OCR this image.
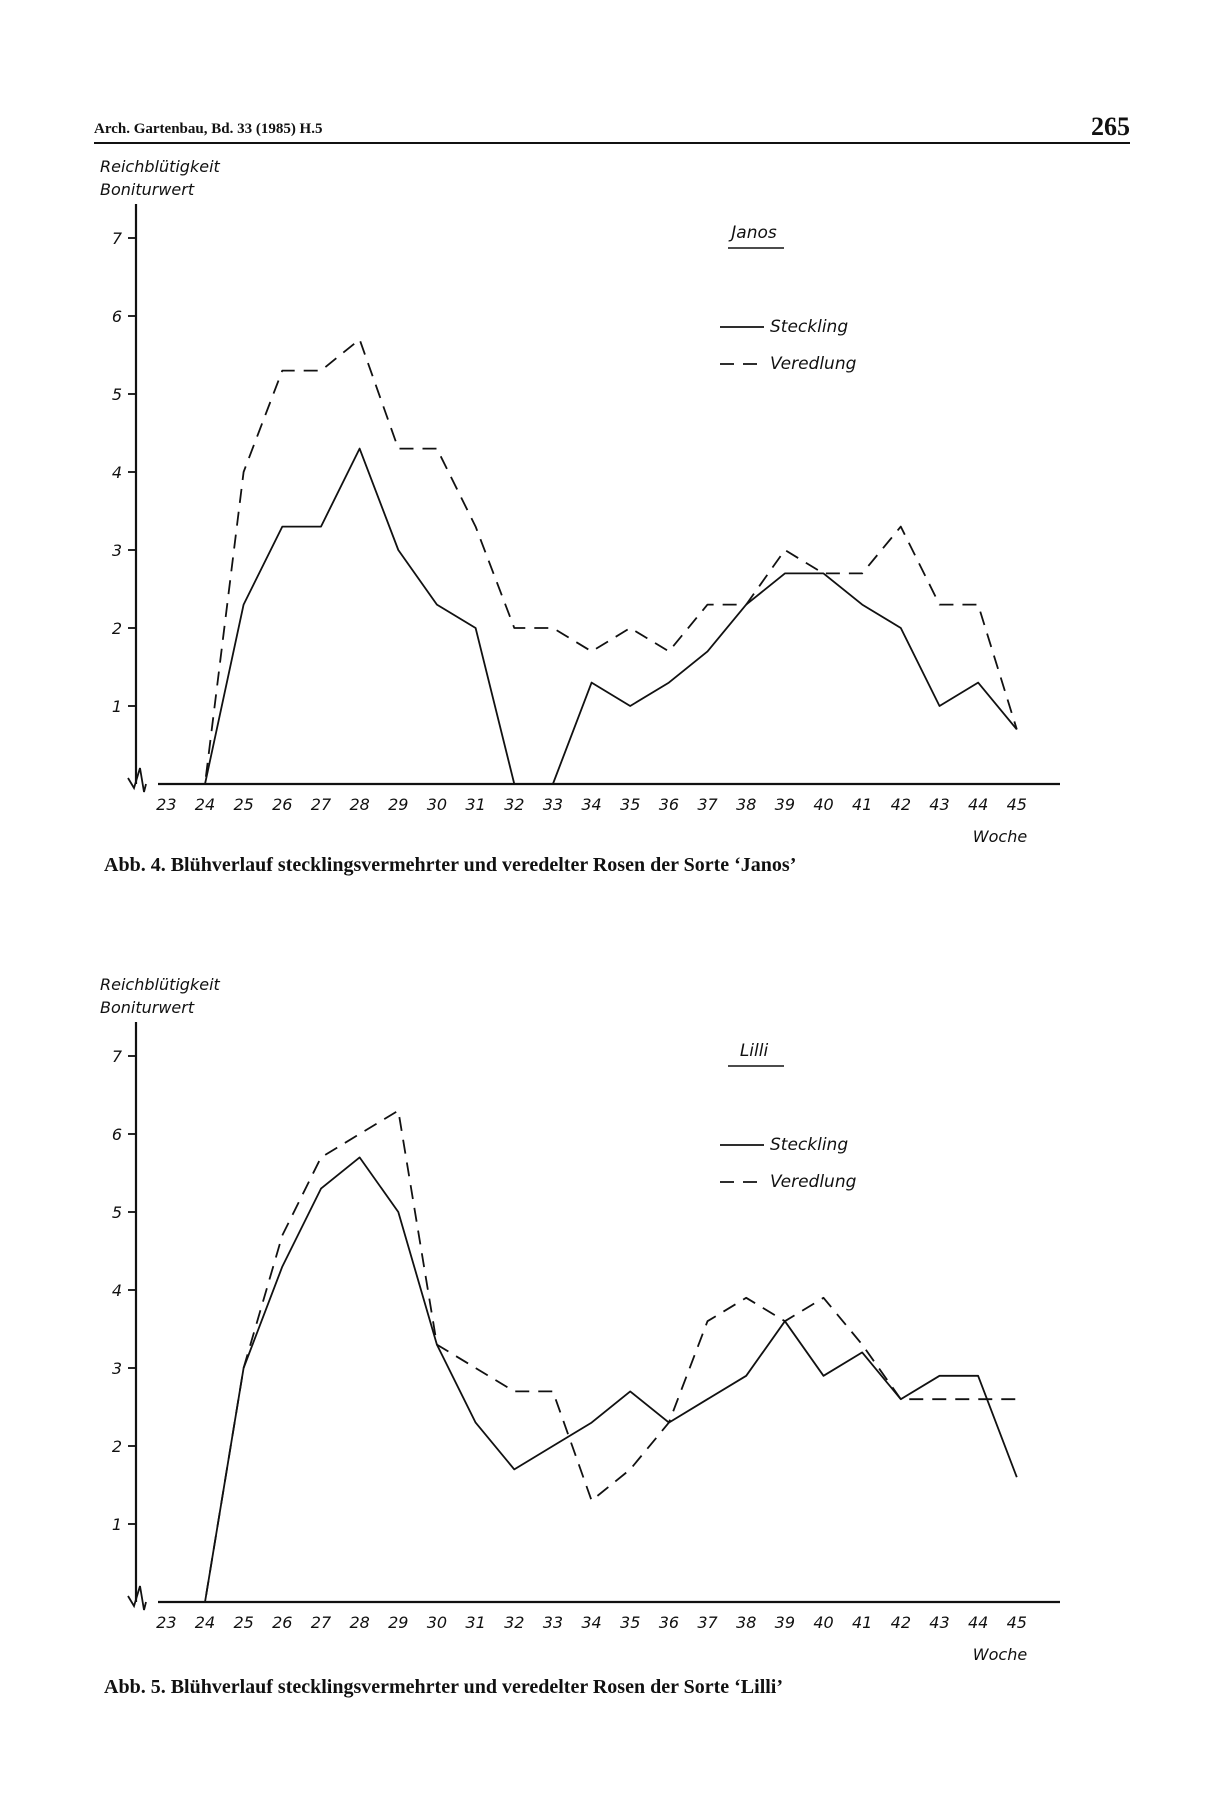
Arch. Gartenbau, Bd. 33 (1985) H.5	265
1
2
3
4
5
6
7
23 24 25 26 27 28 29 30 31 32 33 34 35 36 37 38 39 40 41 42 43 44 45
Reichblütigkeit
Boniturwert
Woche
Janos
Steckling
Veredlung
Abb. 4. Blühverlauf stecklingsvermehrter und veredelter Rosen der Sorte ‘Janos’
1
2
3
4
5
6
7
23 24 25 26 27 28 29 30 31 32 33 34 35 36 37 38 39 40 41 42 43 44 45
Reichblütigkeit
Boniturwert
Woche
Lilli
Steckling
Veredlung
Abb. 5. Blühverlauf stecklingsvermehrter und veredelter Rosen der Sorte ‘Lilli’
